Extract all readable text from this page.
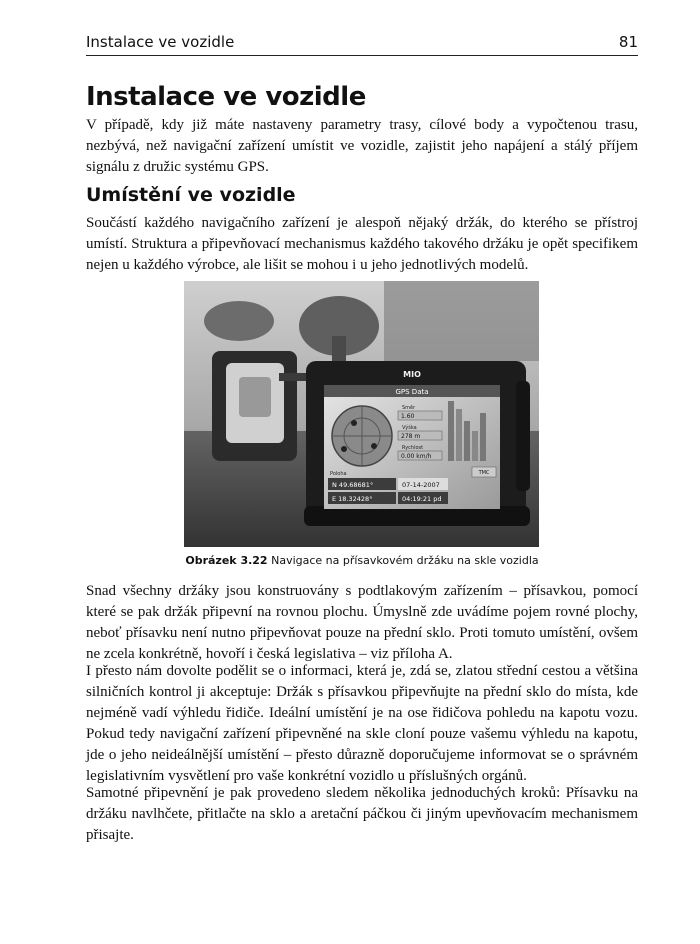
Instalace ve vozidle	81
Instalace ve vozidle
V případě, kdy již máte nastaveny parametry trasy, cílové body a vypočtenou trasu, nezbývá, než navigační zařízení umístit ve vozidle, zajistit jeho napájení a stálý příjem signálu z družic systému GPS.
Umístění ve vozidle
Součástí každého navigačního zařízení je alespoň nějaký držák, do kterého se přístroj umístí. Struktura a připevňovací mechanismus každého takového držáku je opět specifikem nejen u každého výrobce, ale lišit se mohou i u jeho jednotlivých modelů.
MIO
GPS Data
Směr
1.60
Výška
278 m
Rychlost
0.00 km/h
TMC
Poloha
N 49.68681°	07-14-2007
E 18.32428°	04:19:21 pd
Obrázek 3.22 Navigace na přísavkovém držáku na skle vozidla
Snad všechny držáky jsou konstruovány s podtlakovým zařízením – přísavkou, pomocí které se pak držák připevní na rovnou plochu. Úmyslně zde uvádíme pojem rovné plochy, neboť přísavku není nutno připevňovat pouze na přední sklo. Proti tomuto umístění, ovšem ne zcela konkrétně, hovoří i česká legislativa – viz příloha A.
I přesto nám dovolte podělit se o informaci, která je, zdá se, zlatou střední cestou a většina silničních kontrol ji akceptuje: Držák s přísavkou připevňujte na přední sklo do místa, kde nejméně vadí výhledu řidiče. Ideální umístění je na ose řidičova pohledu na kapotu vozu. Pokud tedy navigační zařízení připevněné na skle cloní pouze vašemu výhledu na kapotu, jde o jeho neideálnější umístění – přesto důrazně doporučujeme informovat se o správném legislativním vysvětlení pro vaše konkrétní vozidlo u příslušných orgánů.
Samotné připevnění je pak provedeno sledem několika jednoduchých kroků: Přísavku na držáku navlhčete, přitlačte na sklo a aretační páčkou či jiným upevňovacím mechanismem přisajte.
